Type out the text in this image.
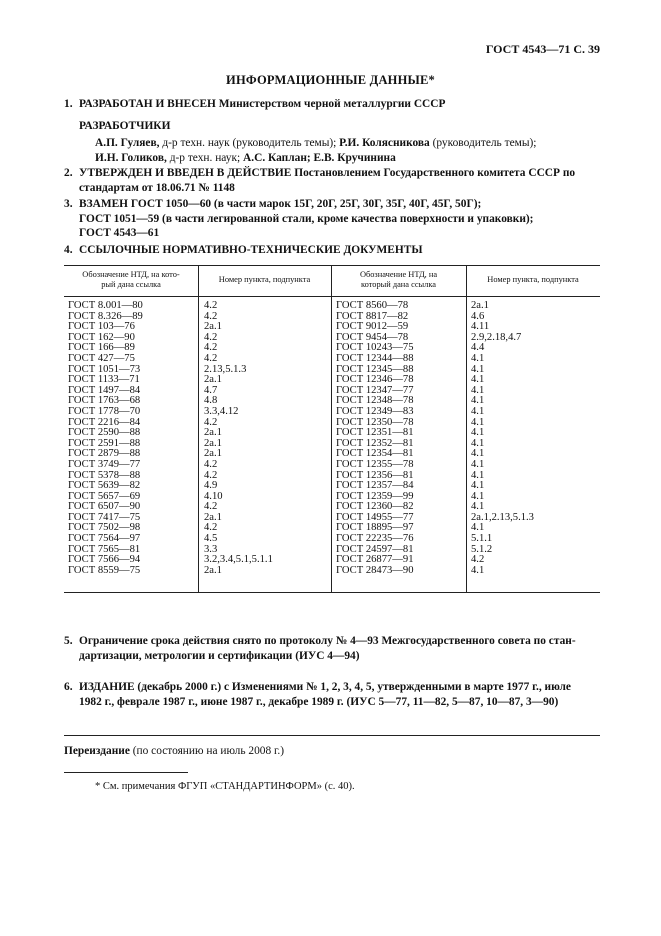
ГОСТ 4543—71 С. 39
ИНФОРМАЦИОННЫЕ ДАННЫЕ*
1. РАЗРАБОТАН И ВНЕСЕН Министерством черной металлургии СССР
РАЗРАБОТЧИКИ
А.П. Гуляев, д-р техн. наук (руководитель темы); Р.И. Колясникова (руководитель темы);
И.Н. Голиков, д-р техн. наук; А.С. Каплан; Е.В. Кручинина
2. УТВЕРЖДЕН И ВВЕДЕН В ДЕЙСТВИЕ Постановлением Государственного комитета СССР по
стандартам от 18.06.71 № 1148
3. ВЗАМЕН ГОСТ 1050—60 (в части марок 15Г, 20Г, 25Г, 30Г, 35Г, 40Г, 45Г, 50Г);
ГОСТ 1051—59 (в части легированной стали, кроме качества поверхности и упаковки);
ГОСТ 4543—61
4. ССЫЛОЧНЫЕ НОРМАТИВНО-ТЕХНИЧЕСКИЕ ДОКУМЕНТЫ
Обозначение НТД, на кото-
рый дана ссылка
Номер пункта, подпункта
Обозначение НТД, на
который дана ссылка
Номер пункта, подпункта
ГОСТ 8.001—80
ГОСТ 8.326—89
ГОСТ 103—76
ГОСТ 162—90
ГОСТ 166—89
ГОСТ 427—75
ГОСТ 1051—73
ГОСТ 1133—71
ГОСТ 1497—84
ГОСТ 1763—68
ГОСТ 1778—70
ГОСТ 2216—84
ГОСТ 2590—88
ГОСТ 2591—88
ГОСТ 2879—88
ГОСТ 3749—77
ГОСТ 5378—88
ГОСТ 5639—82
ГОСТ 5657—69
ГОСТ 6507—90
ГОСТ 7417—75
ГОСТ 7502—98
ГОСТ 7564—97
ГОСТ 7565—81
ГОСТ 7566—94
ГОСТ 8559—75
4.2
4.2
2а.1
4.2
4.2
4.2
2.13,5.1.3
2а.1
4.7
4.8
3.3,4.12
4.2
2а.1
2а.1
2а.1
4.2
4.2
4.9
4.10
4.2
2а.1
4.2
4.5
3.3
3.2,3.4,5.1,5.1.1
2а.1
ГОСТ 8560—78
ГОСТ 8817—82
ГОСТ 9012—59
ГОСТ 9454—78
ГОСТ 10243—75
ГОСТ 12344—88
ГОСТ 12345—88
ГОСТ 12346—78
ГОСТ 12347—77
ГОСТ 12348—78
ГОСТ 12349—83
ГОСТ 12350—78
ГОСТ 12351—81
ГОСТ 12352—81
ГОСТ 12354—81
ГОСТ 12355—78
ГОСТ 12356—81
ГОСТ 12357—84
ГОСТ 12359—99
ГОСТ 12360—82
ГОСТ 14955—77
ГОСТ 18895—97
ГОСТ 22235—76
ГОСТ 24597—81
ГОСТ 26877—91
ГОСТ 28473—90
2а.1
4.6
4.11
2.9,2.18,4.7
4.4
4.1
4.1
4.1
4.1
4.1
4.1
4.1
4.1
4.1
4.1
4.1
4.1
4.1
4.1
4.1
2а.1,2.13,5.1.3
4.1
5.1.1
5.1.2
4.2
4.1
5. Ограничение срока действия снято по протоколу № 4—93 Межгосударственного совета по стан-
дартизации, метрологии и сертификации (ИУС 4—94)
6. ИЗДАНИЕ (декабрь 2000 г.) с Изменениями № 1, 2, 3, 4, 5, утвержденными в марте 1977 г., июле
1982 г., феврале 1987 г., июне 1987 г., декабре 1989 г. (ИУС 5—77, 11—82, 5—87, 10—87, 3—90)
Переиздание (по состоянию на июль 2008 г.)
* См. примечания ФГУП «СТАНДАРТИНФОРМ» (с. 40).
